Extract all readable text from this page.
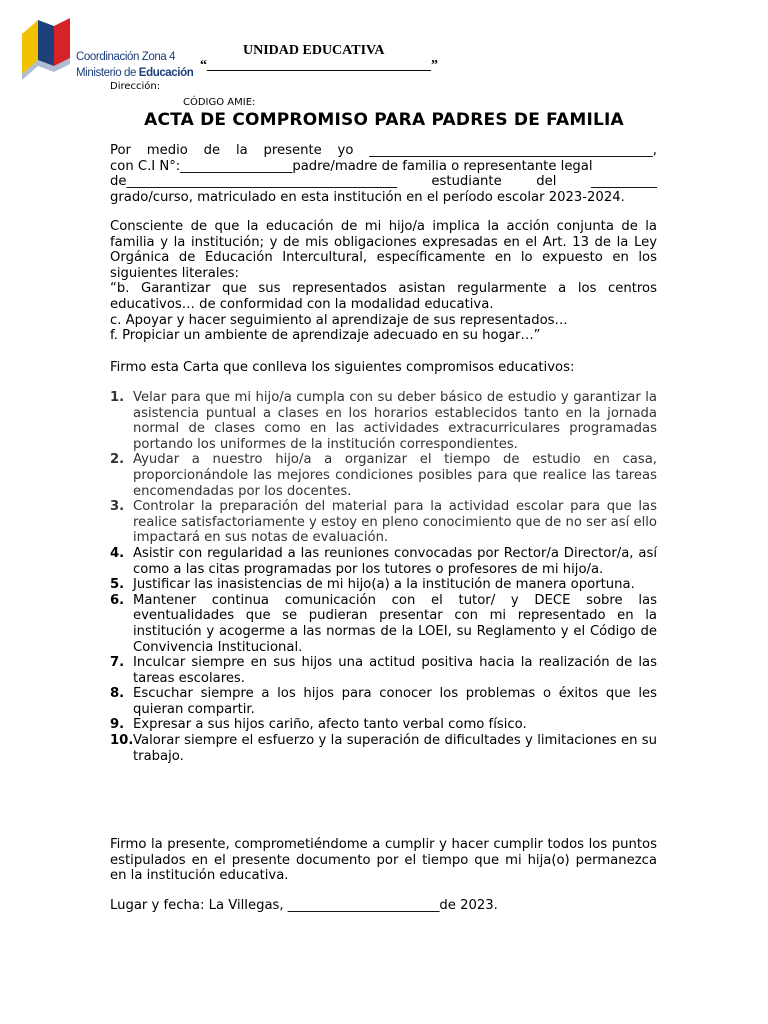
Coordinación Zona 4
Ministerio de Educación
UNIDAD EDUCATIVA
“________________________________”
Dirección:
CÓDIGO AMIE:
ACTA DE COMPROMISO PARA PADRES DE FAMILIA
Por medio de la presente yo ___________________________________________,
con C.I N°:_________________padre/madre de familia o representante legal
de_________________________________________	estudiante	del	__________
grado/curso, matriculado en esta institución en el período escolar 2023-2024.

Consciente de que la educación de mi hijo/a implica la acción conjunta de la familia y la institución; y de mis obligaciones expresadas en el Art. 13 de la Ley Orgánica de Educación Intercultural, específicamente en lo expuesto en los siguientes literales:

“b. Garantizar que sus representados asistan regularmente a los centros educativos… de conformidad con la modalidad educativa.

c. Apoyar y hacer seguimiento al aprendizaje de sus representados…

f. Propiciar un ambiente de aprendizaje adecuado en su hogar…”

Firmo esta Carta que conlleva los siguientes compromisos educativos:
1. Velar para que mi hijo/a cumpla con su deber básico de estudio y garantizar la asistencia puntual a clases en los horarios establecidos tanto en la jornada normal de clases como en las actividades extracurriculares programadas portando los uniformes de la institución correspondientes.
2. Ayudar a nuestro hijo/a a organizar el tiempo de estudio en casa, proporcionándole las mejores condiciones posibles para que realice las tareas encomendadas por los docentes.
3. Controlar la preparación del material para la actividad escolar para que las realice satisfactoriamente y estoy en pleno conocimiento que de no ser así ello impactará en sus notas de evaluación.
4. Asistir con regularidad a las reuniones convocadas por Rector/a Director/a, así como a las citas programadas por los tutores o profesores de mi hijo/a.
5. Justificar las inasistencias de mi hijo(a) a la institución de manera oportuna.
6. Mantener continua comunicación con el tutor/ y DECE sobre las eventualidades que se pudieran presentar con mi representado en la institución y acogerme a las normas de la LOEI, su Reglamento y el Código de Convivencia Institucional.
7. Inculcar siempre en sus hijos una actitud positiva hacia la realización de las tareas escolares.
8. Escuchar siempre a los hijos para conocer los problemas o éxitos que les quieran compartir.
9. Expresar a sus hijos cariño, afecto tanto verbal como físico.
10. Valorar siempre el esfuerzo y la superación de dificultades y limitaciones en su trabajo.
Firmo la presente, comprometiéndome a cumplir y hacer cumplir todos los puntos estipulados en el presente documento por el tiempo que mi hija(o) permanezca en la institución educativa.
Lugar y fecha: La Villegas, _______________________de 2023.
